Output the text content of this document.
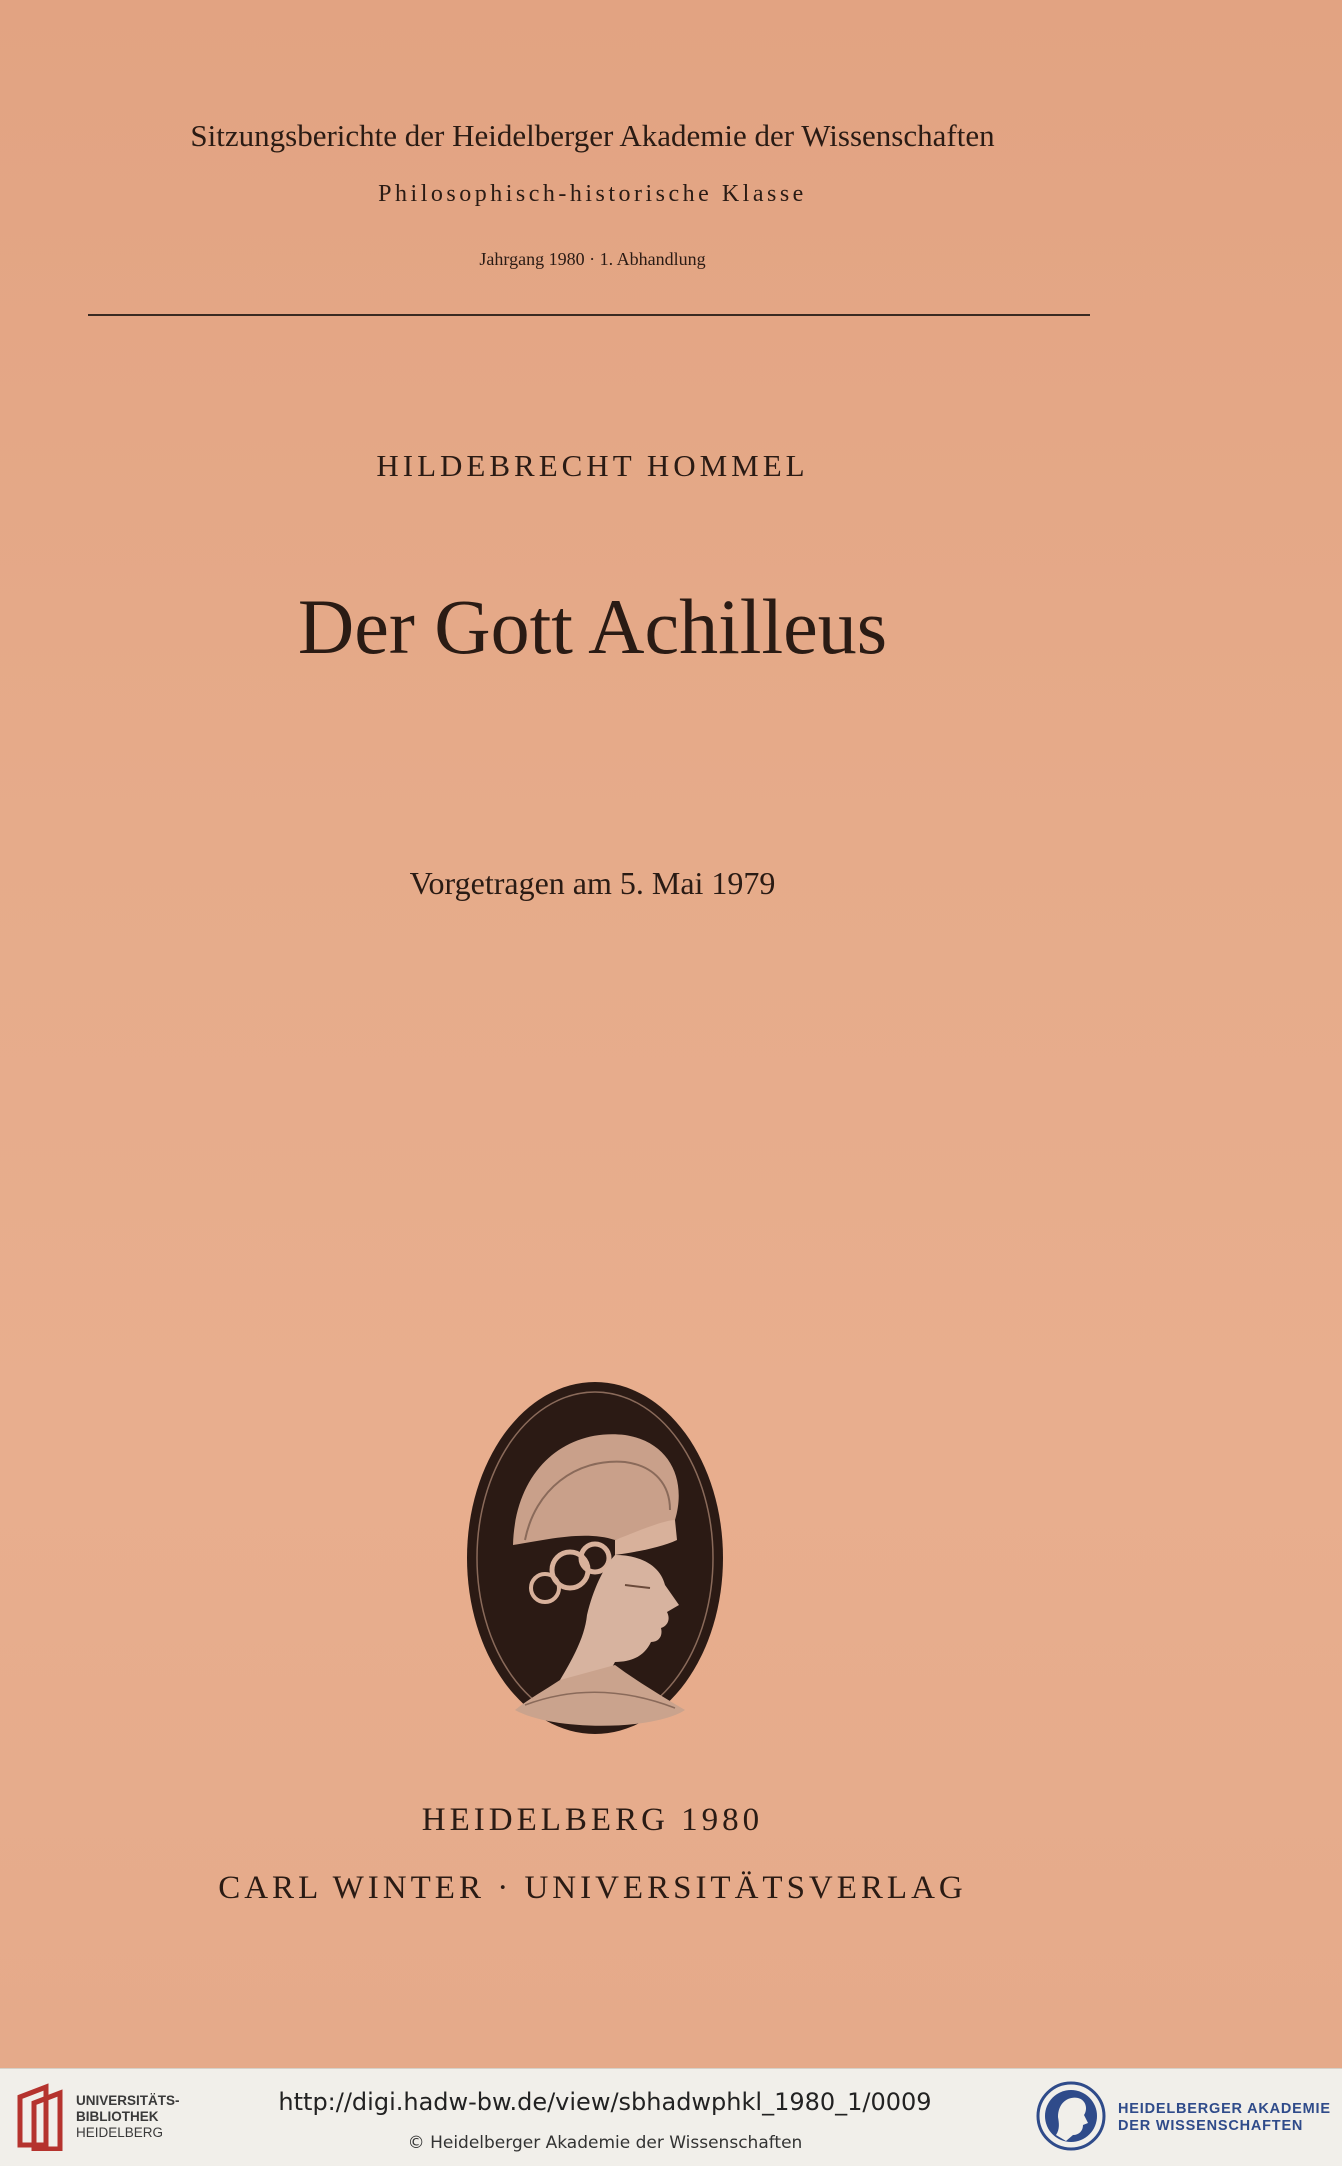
Sitzungsberichte der Heidelberger Akademie der Wissenschaften
Philosophisch-historische Klasse
Jahrgang 1980 · 1. Abhandlung
HILDEBRECHT HOMMEL
Der Gott Achilleus
Vorgetragen am 5. Mai 1979
HEIDELBERG 1980
CARL WINTER · UNIVERSITÄTSVERLAG
UNIVERSITÄTS-
BIBLIOTHEK
HEIDELBERG
http://digi.hadw-bw.de/view/sbhadwphkl_1980_1/0009
© Heidelberger Akademie der Wissenschaften
HEIDELBERGER AKADEMIE
DER WISSENSCHAFTEN
